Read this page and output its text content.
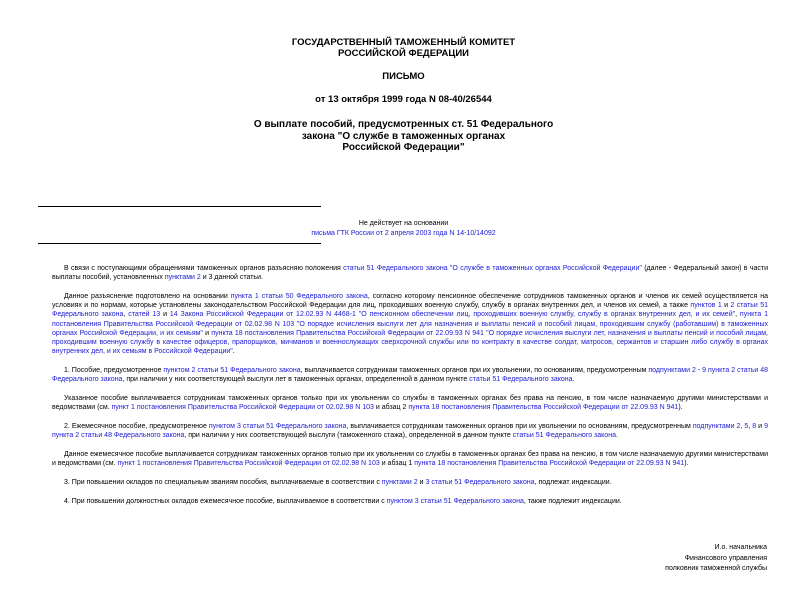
ГОСУДАРСТВЕННЫЙ ТАМОЖЕННЫЙ КОМИТЕТ
РОССИЙСКОЙ ФЕДЕРАЦИИ
ПИСЬМО
от 13 октября 1999 года N 08-40/26544
О выплате пособий, предусмотренных ст. 51 Федерального
закона "О службе в таможенных органах
Российской Федерации"
Не действует на основании
письма ГТК России от 2 апреля 2003 года N 14-10/14092

В связи с поступающими обращениями таможенных органов разъясняю положения статьи 51 Федерального закона "О службе в таможенных органах Российской Федерации" (далее - Федеральный закон) в части выплаты пособий, установленных пунктами 2 и 3 данной статьи.

Данное разъяснение подготовлено на основании пункта 1 статьи 50 Федерального закона, согласно которому пенсионное обеспечение сотрудников таможенных органов и членов их семей осуществляется на условиях и по нормам, которые установлены законодательством Российской Федерации для лиц, проходивших военную службу, службу в органах внутренних дел, и членов их семей, а также пунктов 1 и 2 статьи 51 Федерального закона, статей 13 и 14 Закона Российской Федерации от 12.02.93 N 4468-1 "О пенсионном обеспечении лиц, проходивших военную службу, службу в органах внутренних дел, и их семей", пункта 1 постановления Правительства Российской Федерации от 02.02.98 N 103 "О порядке исчисления выслуги лет для назначения и выплаты пенсий и пособий лицам, проходившим службу (работавшим) в таможенных органах Российской Федерации, и их семьям" и пункта 18 постановления Правительства Российской Федерации от 22.09.93 N 941 "О порядке исчисления выслуги лет, назначения и выплаты пенсий и пособий лицам, проходившим военную службу в качестве офицеров, прапорщиков, мичманов и военнослужащих сверхсрочной службы или по контракту в качестве солдат, матросов, сержантов и старшин либо службу в органах внутренних дел, и их семьям в Российской Федерации".

1. Пособие, предусмотренное пунктом 2 статьи 51 Федерального закона, выплачивается сотрудникам таможенных органов при их увольнении, по основаниям, предусмотренным подпунктами 2 - 9 пункта 2 статьи 48 Федерального закона, при наличии у них соответствующей выслуги лет в таможенных органах, определенной в данном пункте статьи 51 Федерального закона.

Указанное пособие выплачивается сотрудникам таможенных органов только при их увольнении со службы в таможенных органах без права на пенсию, в том числе назначаемую другими министерствами и ведомствами (см. пункт 1 постановления Правительства Российской Федерации от 02.02.98 N 103 и абзац 2 пункта 18 постановления Правительства Российской Федерации от 22.09.93 N 941).

2. Ежемесячное пособие, предусмотренное пунктом 3 статьи 51 Федерального закона, выплачивается сотрудникам таможенных органов при их увольнении по основаниям, предусмотренным подпунктами 2, 5, 8 и 9 пункта 2 статьи 48 Федерального закона, при наличии у них соответствующей выслуги (таможенного стажа), определенной в данном пункте статьи 51 Федерального закона.

Данное ежемесячное пособие выплачивается сотрудникам таможенных органов только при их увольнении со службы в таможенных органах без права на пенсию, в том числе назначаемую другими министерствами и ведомствами (см. пункт 1 постановления Правительства Российской Федерации от 02.02.98 N 103 и абзац 1 пункта 18 постановления Правительства Российской Федерации от 22.09.93 N 941).

3. При повышении окладов по специальным званиям пособия, выплачиваемые в соответствии с пунктами 2 и 3 статьи 51 Федерального закона, подлежат индексации.

4. При повышении должностных окладов ежемесячное пособие, выплачиваемое в соответствии с пунктом 3 статьи 51 Федерального закона, также подлежит индексации.

И.о. начальника
Финансового управления
полковник таможенной службы
